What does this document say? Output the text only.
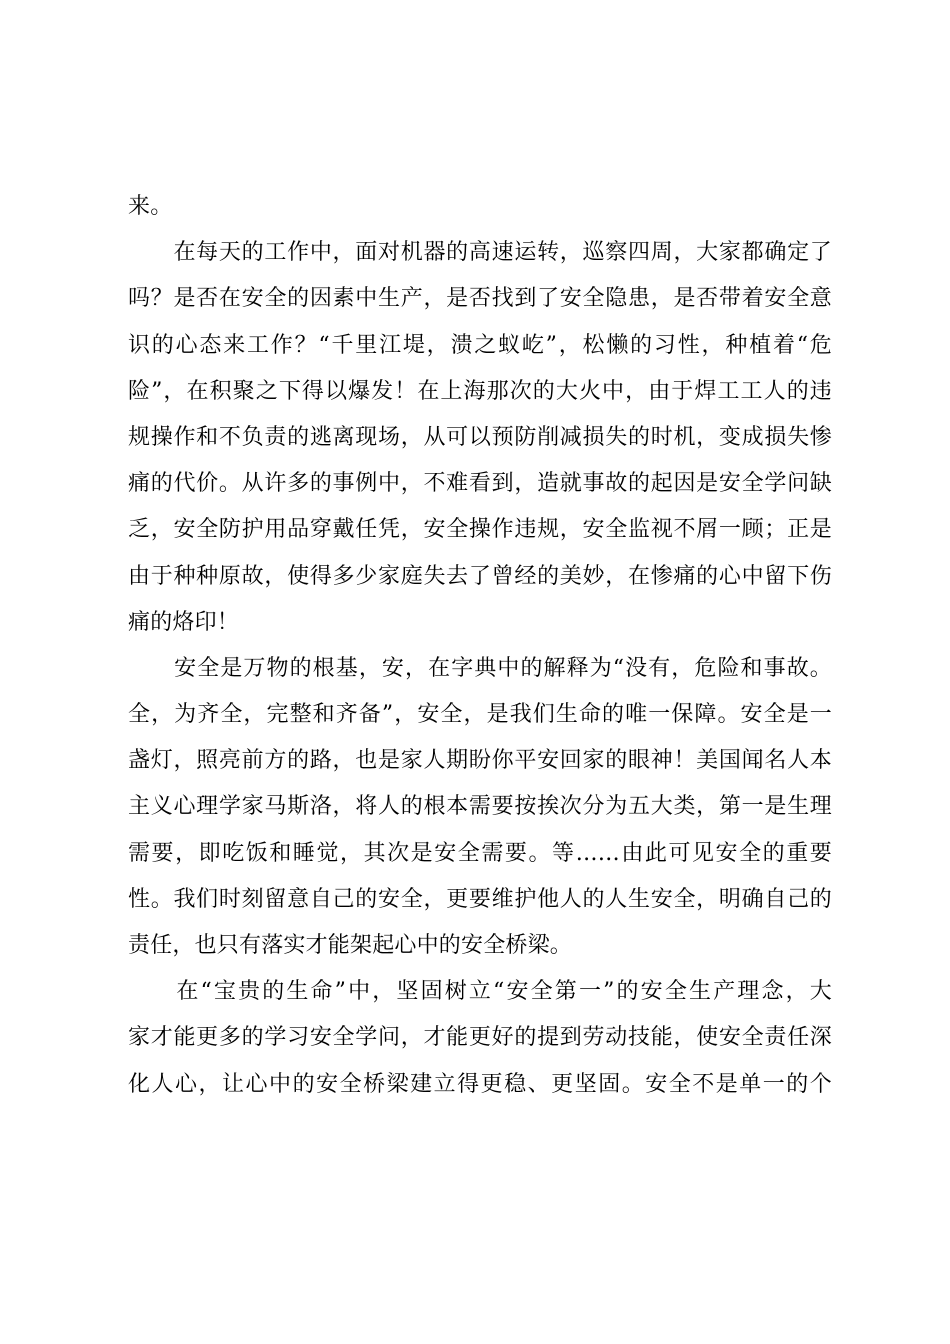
来。
　　在每天的工作中，面对机器的高速运转，巡察四周，大家都确定了
吗？是否在安全的因素中生产，是否找到了安全隐患，是否带着安全意
识的心态来工作？“千里江堤，溃之蚁屹”，松懒的习性，种植着“危
险”，在积聚之下得以爆发！在上海那次的大火中，由于焊工工人的违
规操作和不负责的逃离现场，从可以预防削减损失的时机，变成损失惨
痛的代价。从许多的事例中，不难看到，造就事故的起因是安全学问缺
乏，安全防护用品穿戴任凭，安全操作违规，安全监视不屑一顾；正是
由于种种原故，使得多少家庭失去了曾经的美妙，在惨痛的心中留下伤
痛的烙印！
　　安全是万物的根基，安，在字典中的解释为“没有，危险和事故。
全，为齐全，完整和齐备”，安全，是我们生命的唯一保障。安全是一
盏灯，照亮前方的路，也是家人期盼你平安回家的眼神！美国闻名人本
主义心理学家马斯洛，将人的根本需要按挨次分为五大类，第一是生理
需要，即吃饭和睡觉，其次是安全需要。等……由此可见安全的重要
性。我们时刻留意自己的安全，更要维护他人的人生安全，明确自己的
责任，也只有落实才能架起心中的安全桥梁。
　　在“宝贵的生命”中，坚固树立“安全第一”的安全生产理念，大
家才能更多的学习安全学问，才能更好的提到劳动技能，使安全责任深
化人心，让心中的安全桥梁建立得更稳、更坚固。安全不是单一的个
